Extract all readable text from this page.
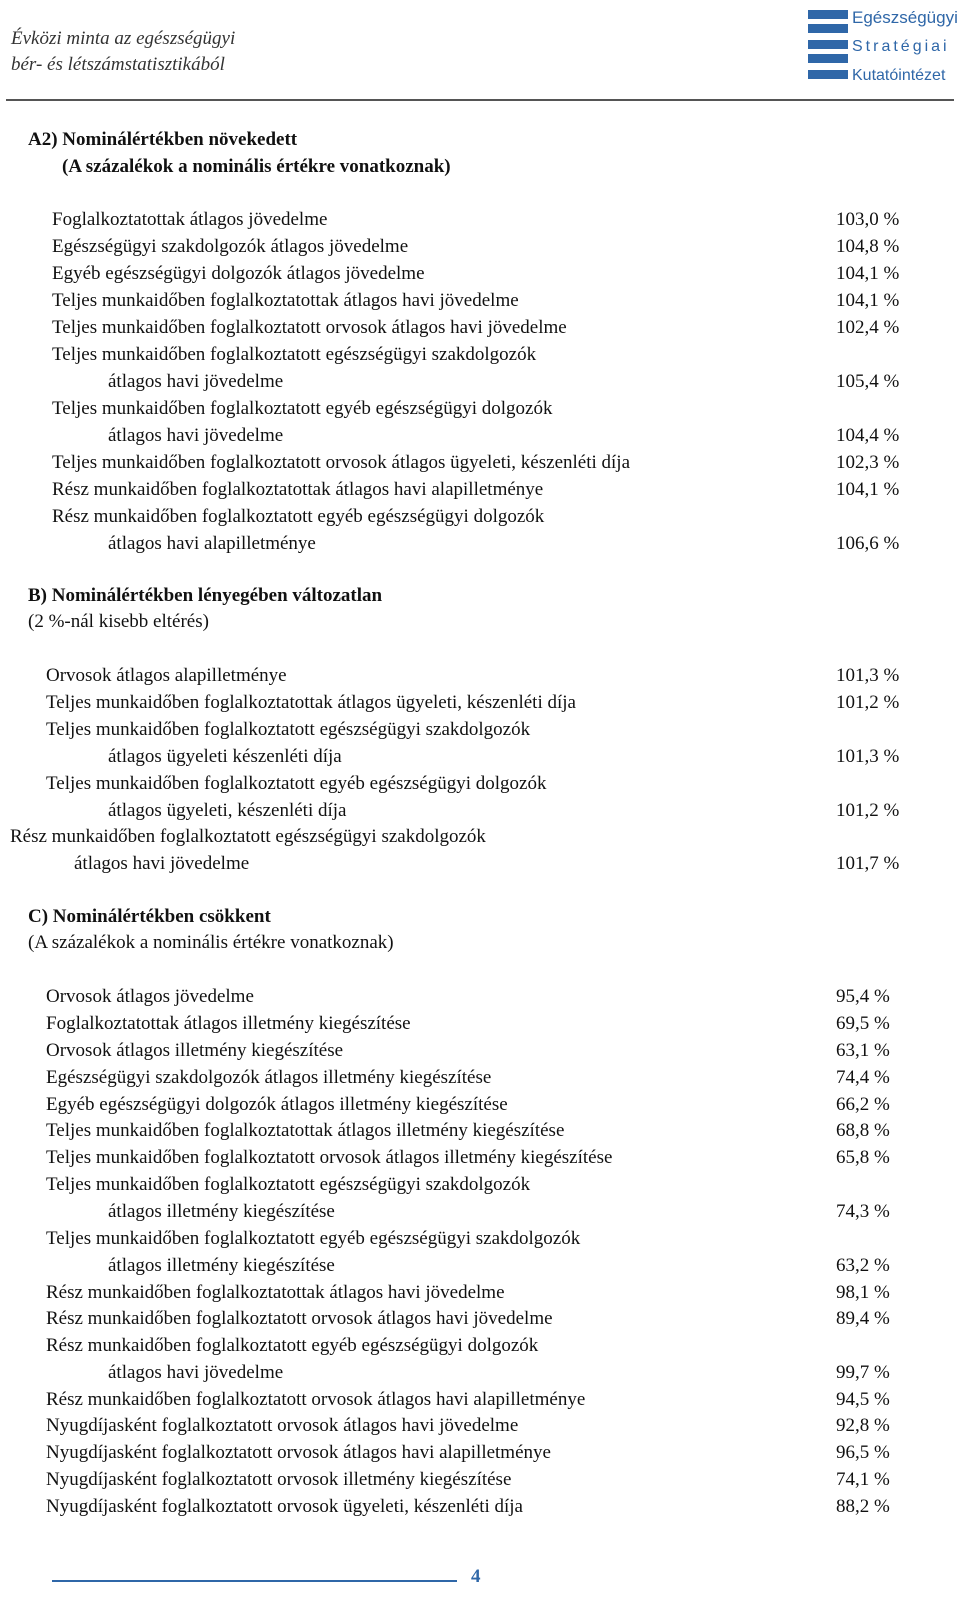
Évközi minta az egészségügyi
bér- és létszámstatisztikából
Egészségügyi
Stratégiai
Kutatóintézet
A2) Nominálértékben növekedett
(A százalékok a nominális értékre vonatkoznak)
Foglalkoztatottak átlagos jövedelme	103,0 %
Egészségügyi szakdolgozók átlagos jövedelme	104,8 %
Egyéb egészségügyi dolgozók átlagos jövedelme	104,1 %
Teljes munkaidőben foglalkoztatottak átlagos havi jövedelme	104,1 %
Teljes munkaidőben foglalkoztatott orvosok átlagos havi jövedelme	102,4 %
Teljes munkaidőben foglalkoztatott egészségügyi szakdolgozók
átlagos havi jövedelme	105,4 %
Teljes munkaidőben foglalkoztatott egyéb egészségügyi dolgozók
átlagos havi jövedelme	104,4 %
Teljes munkaidőben foglalkoztatott orvosok átlagos ügyeleti, készenléti díja	102,3 %
Rész munkaidőben foglalkoztatottak átlagos havi alapilletménye	104,1 %
Rész munkaidőben foglalkoztatott egyéb egészségügyi dolgozók
átlagos havi alapilletménye	106,6 %
B) Nominálértékben lényegében változatlan
(2 %-nál kisebb eltérés)
Orvosok átlagos alapilletménye	101,3 %
Teljes munkaidőben foglalkoztatottak átlagos ügyeleti, készenléti díja	101,2 %
Teljes munkaidőben foglalkoztatott egészségügyi szakdolgozók
átlagos ügyeleti készenléti díja	101,3 %
Teljes munkaidőben foglalkoztatott egyéb egészségügyi dolgozók
átlagos ügyeleti, készenléti díja	101,2 %
Rész munkaidőben foglalkoztatott egészségügyi szakdolgozók
átlagos havi jövedelme	101,7 %
C) Nominálértékben csökkent
(A százalékok a nominális értékre vonatkoznak)
Orvosok átlagos jövedelme	95,4 %
Foglalkoztatottak átlagos illetmény kiegészítése	69,5 %
Orvosok átlagos illetmény kiegészítése	63,1 %
Egészségügyi szakdolgozók átlagos illetmény kiegészítése	74,4 %
Egyéb egészségügyi dolgozók átlagos illetmény kiegészítése	66,2 %
Teljes munkaidőben foglalkoztatottak átlagos illetmény kiegészítése	68,8 %
Teljes munkaidőben foglalkoztatott orvosok átlagos illetmény kiegészítése	65,8 %
Teljes munkaidőben foglalkoztatott egészségügyi szakdolgozók
átlagos illetmény kiegészítése	74,3 %
Teljes munkaidőben foglalkoztatott egyéb egészségügyi szakdolgozók
átlagos illetmény kiegészítése	63,2 %
Rész munkaidőben foglalkoztatottak átlagos havi jövedelme	98,1 %
Rész munkaidőben foglalkoztatott orvosok átlagos havi jövedelme	89,4 %
Rész munkaidőben foglalkoztatott egyéb egészségügyi dolgozók
átlagos havi jövedelme	99,7 %
Rész munkaidőben foglalkoztatott orvosok átlagos havi alapilletménye	94,5 %
Nyugdíjasként foglalkoztatott orvosok átlagos havi jövedelme	92,8 %
Nyugdíjasként foglalkoztatott orvosok átlagos havi alapilletménye	96,5 %
Nyugdíjasként foglalkoztatott orvosok illetmény kiegészítése	74,1 %
Nyugdíjasként foglalkoztatott orvosok ügyeleti, készenléti díja	88,2 %
4
